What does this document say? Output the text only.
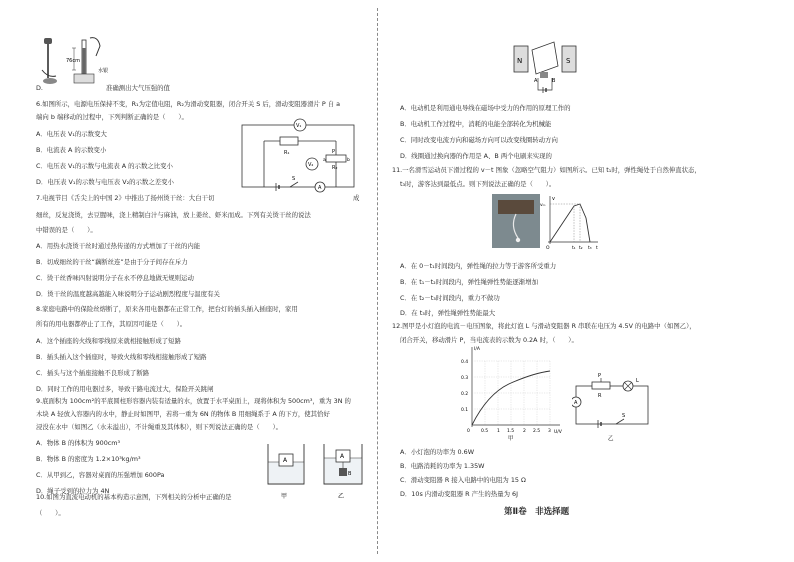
76cm
水银
D.	准确测出大气压强的值
6.如图所示，电源电压保持不变，R₁为定值电阻，R₂为滑动变阻器，闭合开关 S 后，滑动变阻器滑片 P 自 a
端向 b 端移动的过程中，下列判断正确的是（　　）。
A．电压表 V₁的示数变大
B．电流表 A 的示数变小
C．电压表 V₁的示数与电流表 A 的示数之比变小
D．电压表 V₁的示数与电压表 V₂的示数之差变小
V₁
R₁
V₂
P
a	b
R₂
S
A
7.电视节目《舌尖上的中国 2》中推出了扬州烫干丝：大白干切	成
细丝，反复浇烫，去豆腥味，浇上精制白汁与麻油，放上姜丝、虾米而成。下列有关烫干丝的说法
中错误的是（　　）。
A．用热水浇烫干丝时通过热传递的方式增加了干丝的内能
B．切成细丝的干丝“藕断丝连”是由于分子间存在斥力
C．烫干丝香味四射说明分子在永不停息地做无规则运动
D．烫干丝的温度越高越能入味说明分子运动剧烈程度与温度有关
8.家庭电路中的保险丝熔断了，原来各用电器都在正常工作，把台灯的插头插入插座时，家用
所有的用电器都停止了工作，其原因可能是（　　）。
A．这个插座的火线和零线原来就相接触形成了短路
B．插头插入这个插座时，导致火线和零线相接触形成了短路
C．插头与这个插座接触不良形成了断路
D．同时工作的用电器过多，导致干路电流过大，保险开关跳闸
9.底面积为 100cm²的平底圆柱形容器内装有适量的水，放置于水平桌面上，现将体积为 500cm³，重为 3N 的
木块 A 轻放入容器内的水中，静止时如图甲，若将一重为 6N 的物体 B 用细绳系于 A 的下方，使其恰好
浸没在水中（如图乙（水未溢出），不计绳重及其体积），则下列说法正确的是（　　）。
A．物体 B 的体积为 900cm³
B．物体 B 的密度为 1.2×10³kg/m³
C．从甲到乙，容器对桌面的压强增加 600Pa
D．绳子受到的拉力为 4N
A
甲
A
B
乙
10.如图为直流电动机的基本构造示意图，下列相关的分析中正确的是
（　　）。
N	S
A	B
A．电动机是利用通电导线在磁场中受力的作用的原理工作的
B．电动机工作过程中，消耗的电能全部转化为机械能
C．同时改变电流方向和磁场方向可以改变线圈转动方向
D．线圈通过换向器的作用是 A、B 两个电刷来实现的
11.一名滑雪运动员下滑过程的 v－t 图象（忽略空气阻力）如图所示。已知 t₁时，弹性绳处于自然伸直状态，
t₃时，游客达到最低点。则下列说法正确的是（　　）。
v
vₘ
O	t₁ t₂ t₃ t
A．在 0－t₁时间段内，弹性绳的拉力等于游客所受重力
B．在 t₁－t₂时间段内，弹性绳弹性势能逐渐增加
C．在 t₂－t₃时间段内，重力不做功
D．在 t₃时，弹性绳弹性势能最大
12.图甲是小灯泡的电流－电压图象，将此灯泡 L 与滑动变阻器 R 串联在电压为 4.5V 的电路中（如图乙），
闭合开关，移动滑片 P，当电流表的示数为 0.2A 时，（　　）。
I/A
U/V
0
0.1
0.2
0.3
0.4
0.5 1 1.5 2 2.5 3
甲
A
P
R
L
S
乙
A．小灯泡的功率为 0.6W
B．电路消耗的功率为 1.35W
C．滑动变阻器 R 接入电路中的电阻为 15 Ω
D．10s 内滑动变阻器 R 产生的热量为 6J
第Ⅱ卷　非选择题
